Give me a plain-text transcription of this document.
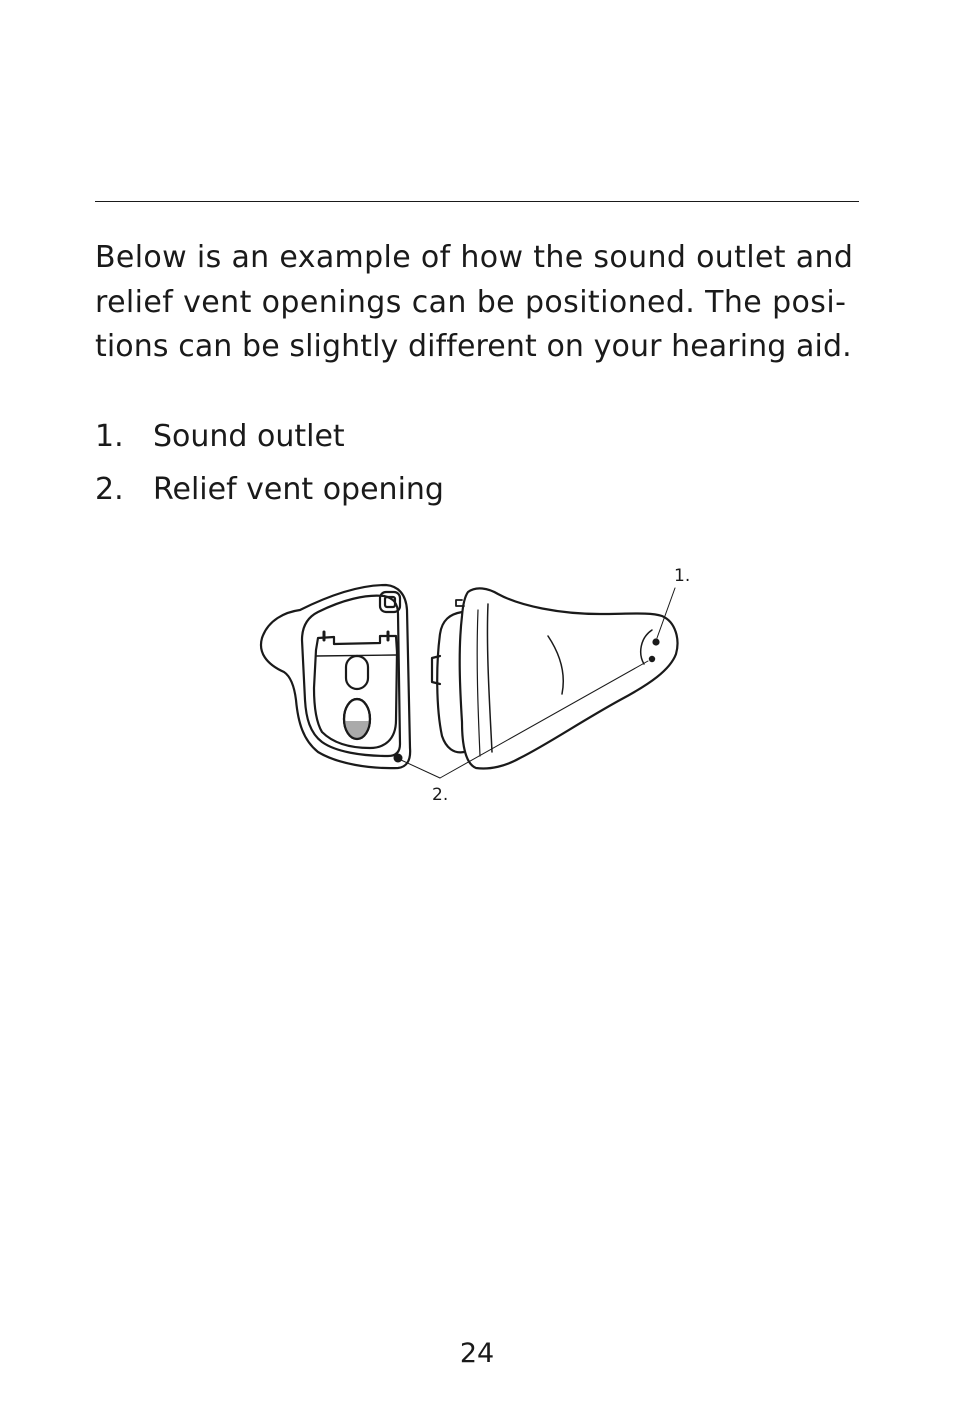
Below is an example of how the sound outlet and
relief vent openings can be positioned. The posi-
tions can be slightly different on your hearing aid.

1. Sound outlet
2. Relief vent opening
1.
2.
24
